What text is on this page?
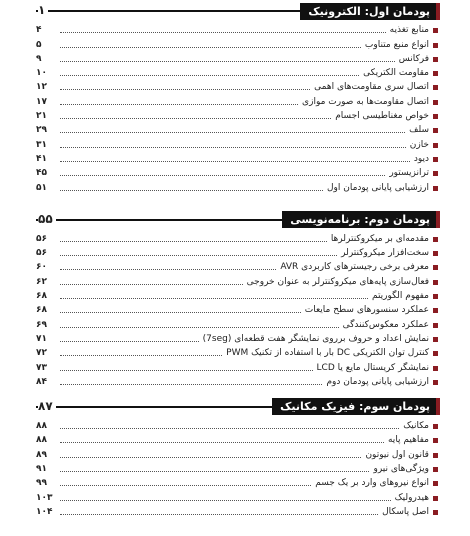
پودمان اول: الکترونیک
۱
منابع تغذیه
۴
انواع منبع متناوب
۵
فرکانس
۹
مقاومت الکتریکی
۱۰
اتصال سری مقاومت‌های اهمی
۱۲
اتصال مقاومت‌ها به صورت موازی
۱۷
خواص مغناطیسی اجسام
۲۱
سلف
۲۹
خازن
۳۱
دیود
۴۱
ترانزیستور
۴۵
ارزشیابی پایانی پودمان اول
۵۱
پودمان دوم: برنامه‌نویسی
۵۵
مقدمه‌ای بر میکروکنترلرها
۵۶
سخت‌افزار میکروکنترلر
۵۶
معرفی برخی رجیسترهای کاربردی AVR
۶۰
فعال‌سازی پایه‌های میکروکنترلر به عنوان خروجی
۶۲
مفهوم الگوریتم
۶۸
عملکرد سنسورهای سطح مایعات
۶۸
عملکرد معکوس‌کنندگی
۶۹
نمایش اعداد و حروف برروی نمایشگر هفت قطعه‌ای (7seg)
۷۱
کنترل توان الکتریکی DC بار با استفاده از تکنیک PWM
۷۲
نمایشگر کریستال مایع یا LCD
۷۳
ارزشیابی پایانی پودمان دوم
۸۴
پودمان سوم: فیزیک مکانیک
۸۷
مکانیک
۸۸
مفاهیم پایه
۸۸
قانون اول نیوتون
۸۹
ویژگی‌های نیرو
۹۱
انواع نیروهای وارد بر یک جسم
۹۹
هیدرولیک
۱۰۳
اصل پاسکال
۱۰۴
